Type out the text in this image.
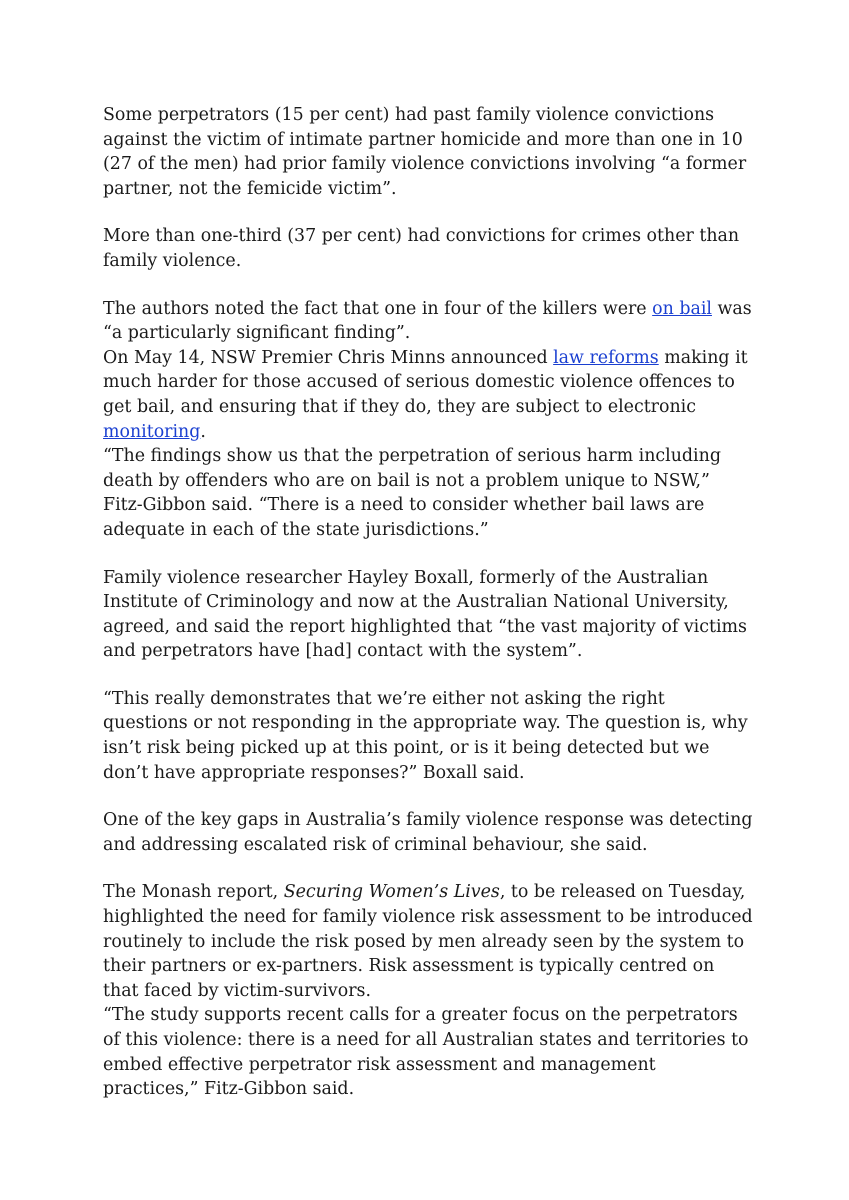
Some perpetrators (15 per cent) had past family violence convictions against the victim of intimate partner homicide and more than one in 10 (27 of the men) had prior family violence convictions involving “a former partner, not the femicide victim”.

More than one-third (37 per cent) had convictions for crimes other than family violence.

The authors noted the fact that one in four of the killers were on bail was “a particularly significant finding”.

On May 14, NSW Premier Chris Minns announced law reforms making it much harder for those accused of serious domestic violence offences to get bail, and ensuring that if they do, they are subject to electronic monitoring.

“The findings show us that the perpetration of serious harm including death by offenders who are on bail is not a problem unique to NSW,” Fitz-Gibbon said. “There is a need to consider whether bail laws are adequate in each of the state jurisdictions.”

Family violence researcher Hayley Boxall, formerly of the Australian Institute of Criminology and now at the Australian National University, agreed, and said the report highlighted that “the vast majority of victims and perpetrators have [had] contact with the system”.

“This really demonstrates that we’re either not asking the right questions or not responding in the appropriate way. The question is, why isn’t risk being picked up at this point, or is it being detected but we don’t have appropriate responses?” Boxall said.

One of the key gaps in Australia’s family violence response was detecting and addressing escalated risk of criminal behaviour, she said.

The Monash report, Securing Women’s Lives, to be released on Tuesday, highlighted the need for family violence risk assessment to be introduced routinely to include the risk posed by men already seen by the system to their partners or ex-partners. Risk assessment is typically centred on that faced by victim-survivors.

“The study supports recent calls for a greater focus on the perpetrators of this violence: there is a need for all Australian states and territories to embed effective perpetrator risk assessment and management practices,” Fitz-Gibbon said.
